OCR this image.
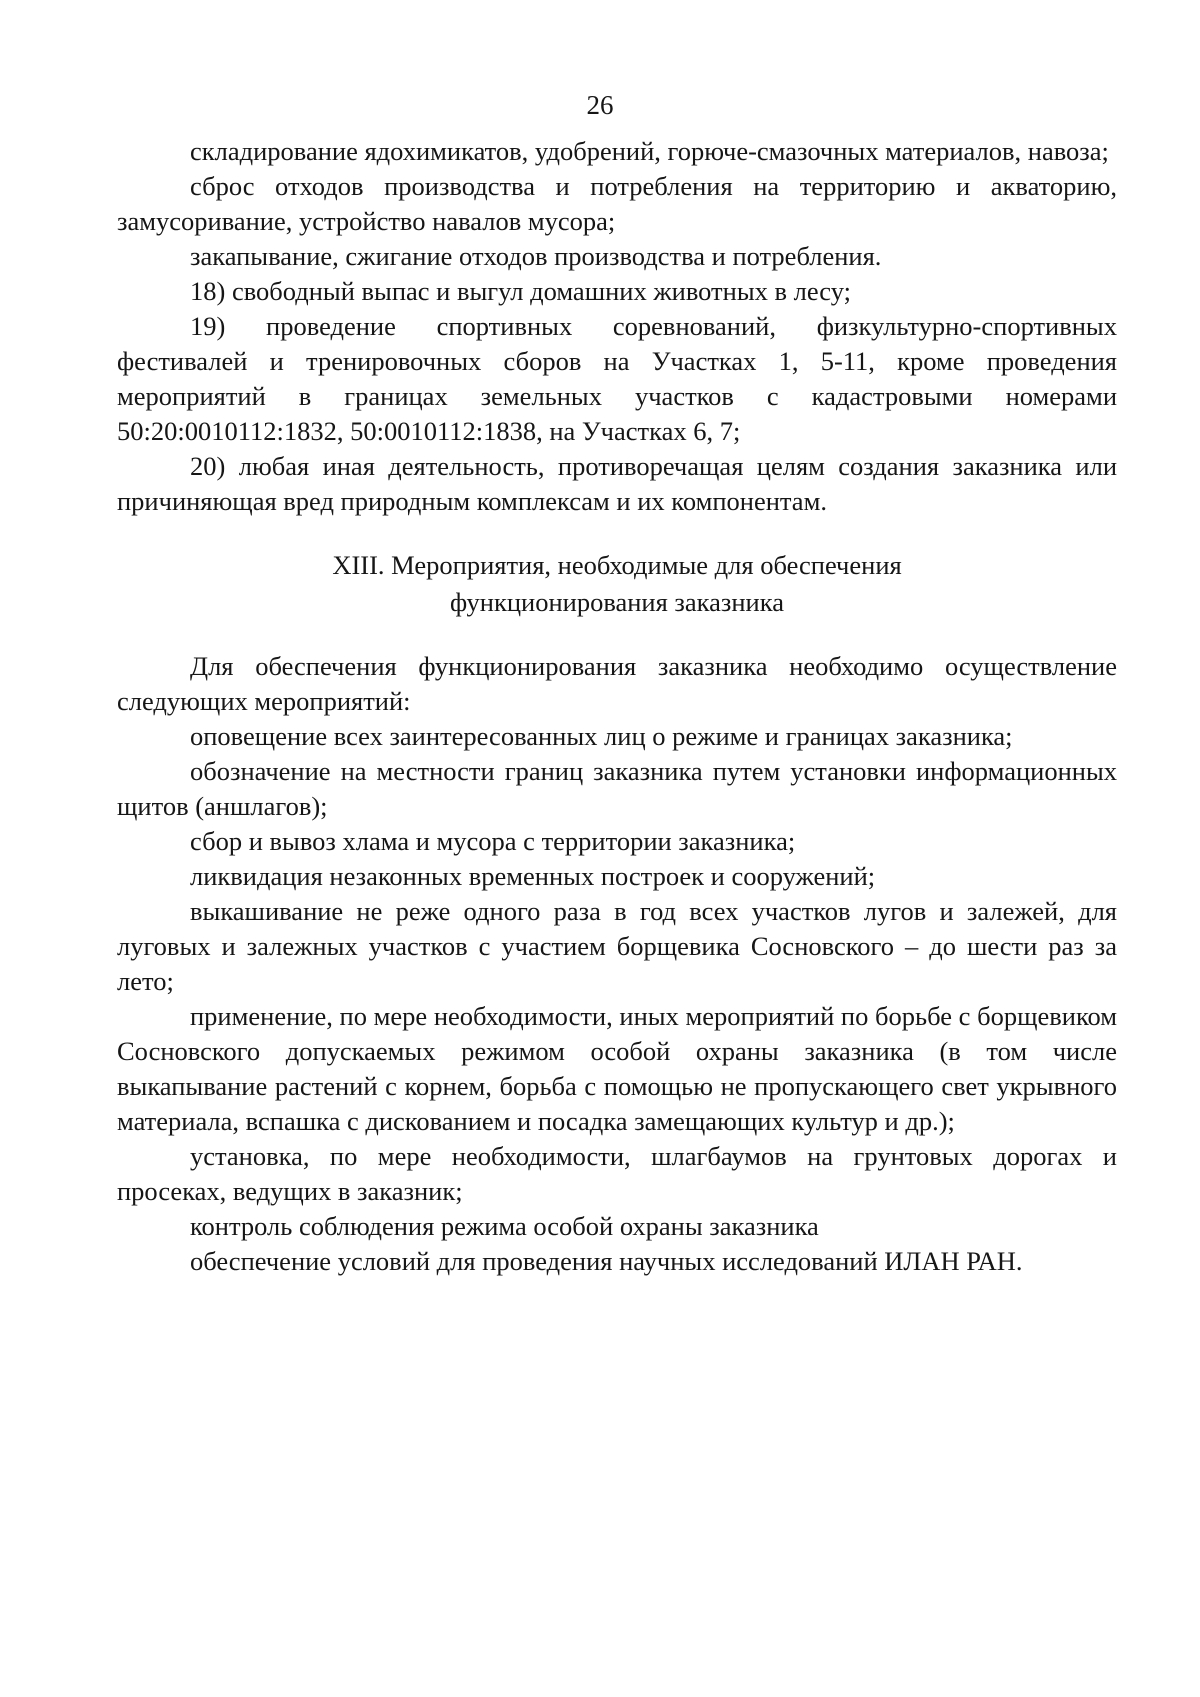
26

складирование ядохимикатов, удобрений, горюче-смазочных материалов, навоза;

сброс отходов производства и потребления на территорию и акваторию, замусоривание, устройство навалов мусора;

закапывание, сжигание отходов производства и потребления.

18) свободный выпас и выгул домашних животных в лесу;

19) проведение спортивных соревнований, физкультурно-спортивных фестивалей и тренировочных сборов на Участках 1, 5-11, кроме проведения мероприятий в границах земельных участков с кадастровыми номерами 50:20:0010112:1832, 50:0010112:1838, на Участках 6, 7;

20) любая иная деятельность, противоречащая целям создания заказника или причиняющая вред природным комплексам и их компонентам.

XIII. Мероприятия, необходимые для обеспечения
функционирования заказника

Для обеспечения функционирования заказника необходимо осуществление следующих мероприятий:

оповещение всех заинтересованных лиц о режиме и границах заказника;

обозначение на местности границ заказника путем установки информационных щитов (аншлагов);

сбор и вывоз хлама и мусора с территории заказника;

ликвидация незаконных временных построек и сооружений;

выкашивание не реже одного раза в год всех участков лугов и залежей, для луговых и залежных участков с участием борщевика Сосновского – до шести раз за лето;

применение, по мере необходимости, иных мероприятий по борьбе с борщевиком Сосновского допускаемых режимом особой охраны заказника (в том числе выкапывание растений с корнем, борьба с помощью не пропускающего свет укрывного материала, вспашка с дискованием и посадка замещающих культур и др.);

установка, по мере необходимости, шлагбаумов на грунтовых дорогах и просеках, ведущих в заказник;

контроль соблюдения режима особой охраны заказника

обеспечение условий для проведения научных исследований ИЛАН РАН.
